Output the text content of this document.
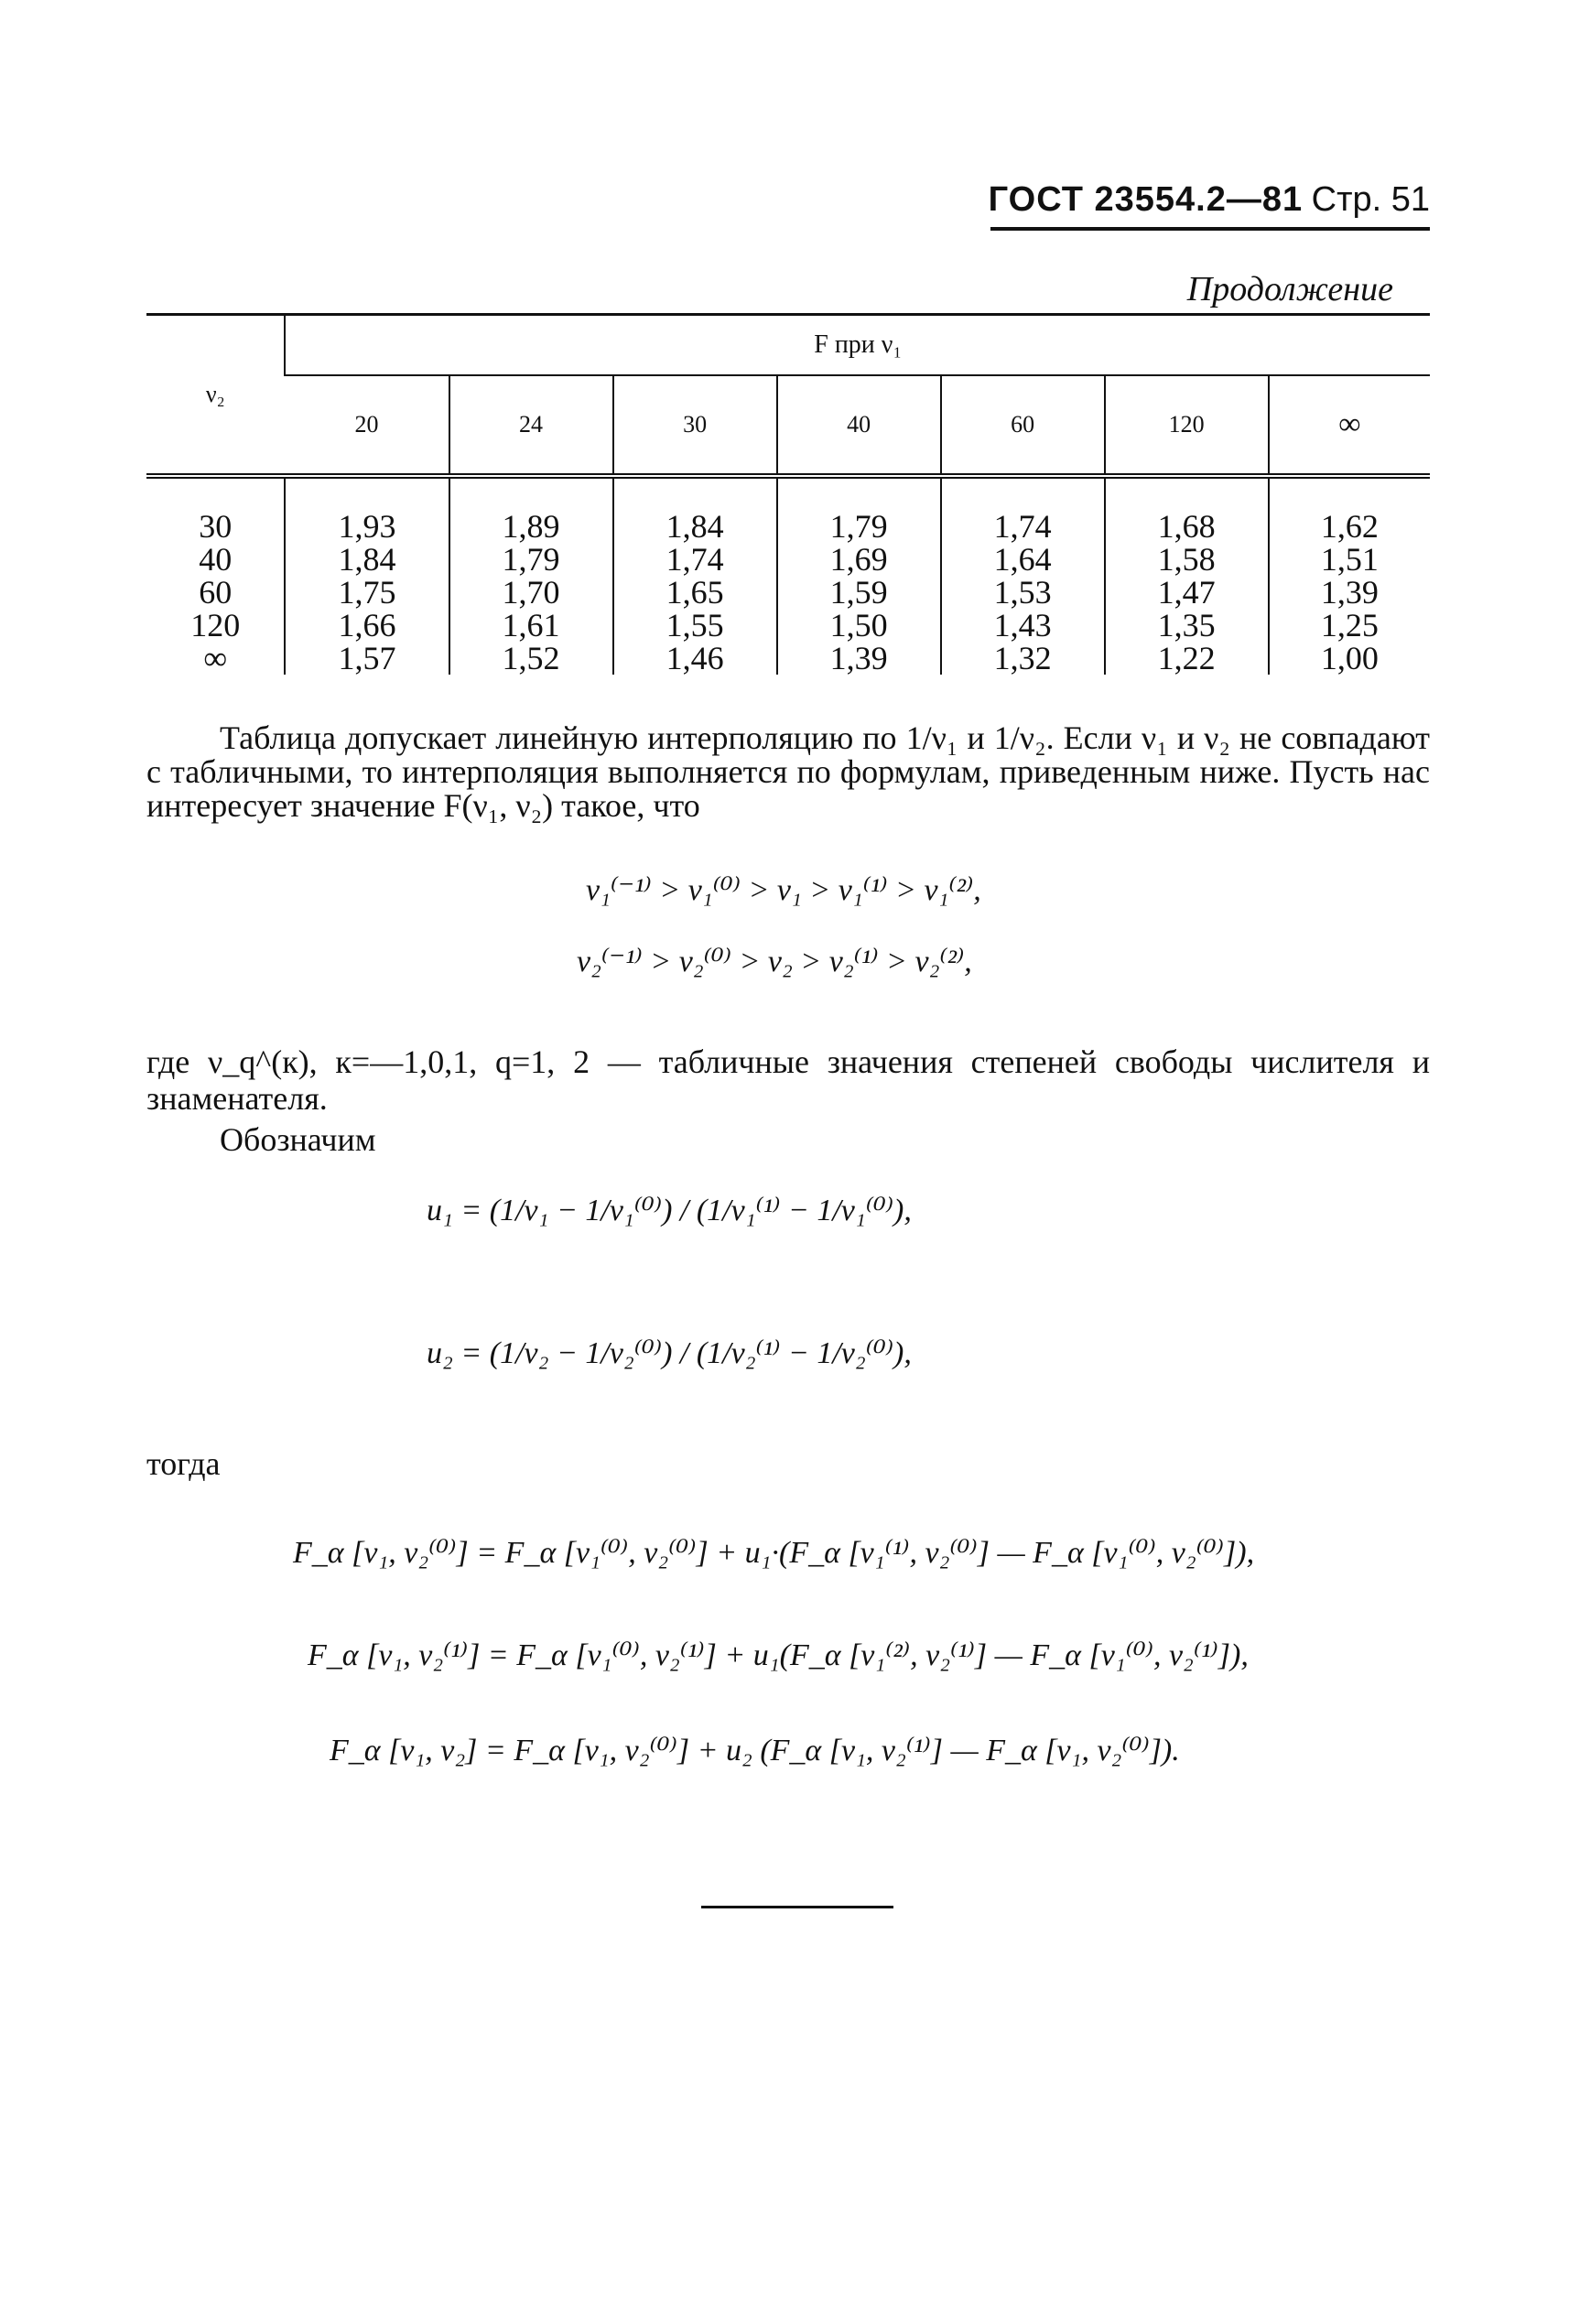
ГОСТ 23554.2—81 Стр. 51
Продолжение
ν₂	F при ν₁						
	20	24	30	40	60	120	∞
30	1,93	1,89	1,84	1,79	1,74	1,68	1,62
40	1,84	1,79	1,74	1,69	1,64	1,58	1,51
60	1,75	1,70	1,65	1,59	1,53	1,47	1,39
120	1,66	1,61	1,55	1,50	1,43	1,35	1,25
∞	1,57	1,52	1,46	1,39	1,32	1,22	1,00
Таблица допускает линейную интерполяцию по 1/ν₁ и 1/ν₂. Если ν₁ и ν₂ не совпадают с табличными, то интерполяция выполняется по формулам, приведенным ниже. Пусть нас интересует значение F(ν₁, ν₂) такое, что
ν₁⁽⁻¹⁾ > ν₁⁽⁰⁾ > ν₁ > ν₁⁽¹⁾ > ν₁⁽²⁾,
ν₂⁽⁻¹⁾ > ν₂⁽⁰⁾ > ν₂ > ν₂⁽¹⁾ > ν₂⁽²⁾,
где ν_q^(к), к=—1,0,1, q=1, 2 — табличные значения степеней свободы числителя и знаменателя.
Обозначим
u₁ = (1/ν₁ − 1/ν₁⁽⁰⁾) / (1/ν₁⁽¹⁾ − 1/ν₁⁽⁰⁾),
u₂ = (1/ν₂ − 1/ν₂⁽⁰⁾) / (1/ν₂⁽¹⁾ − 1/ν₂⁽⁰⁾),
тогда
F_α [ν₁, ν₂⁽⁰⁾] = F_α [ν₁⁽⁰⁾, ν₂⁽⁰⁾] + u₁·(F_α [ν₁⁽¹⁾, ν₂⁽⁰⁾] — F_α [ν₁⁽⁰⁾, ν₂⁽⁰⁾]),
F_α [ν₁, ν₂⁽¹⁾] = F_α [ν₁⁽⁰⁾, ν₂⁽¹⁾] + u₁(F_α [ν₁⁽²⁾, ν₂⁽¹⁾] — F_α [ν₁⁽⁰⁾, ν₂⁽¹⁾]),
F_α [ν₁, ν₂] = F_α [ν₁, ν₂⁽⁰⁾] + u₂ (F_α [ν₁, ν₂⁽¹⁾] — F_α [ν₁, ν₂⁽⁰⁾]).
